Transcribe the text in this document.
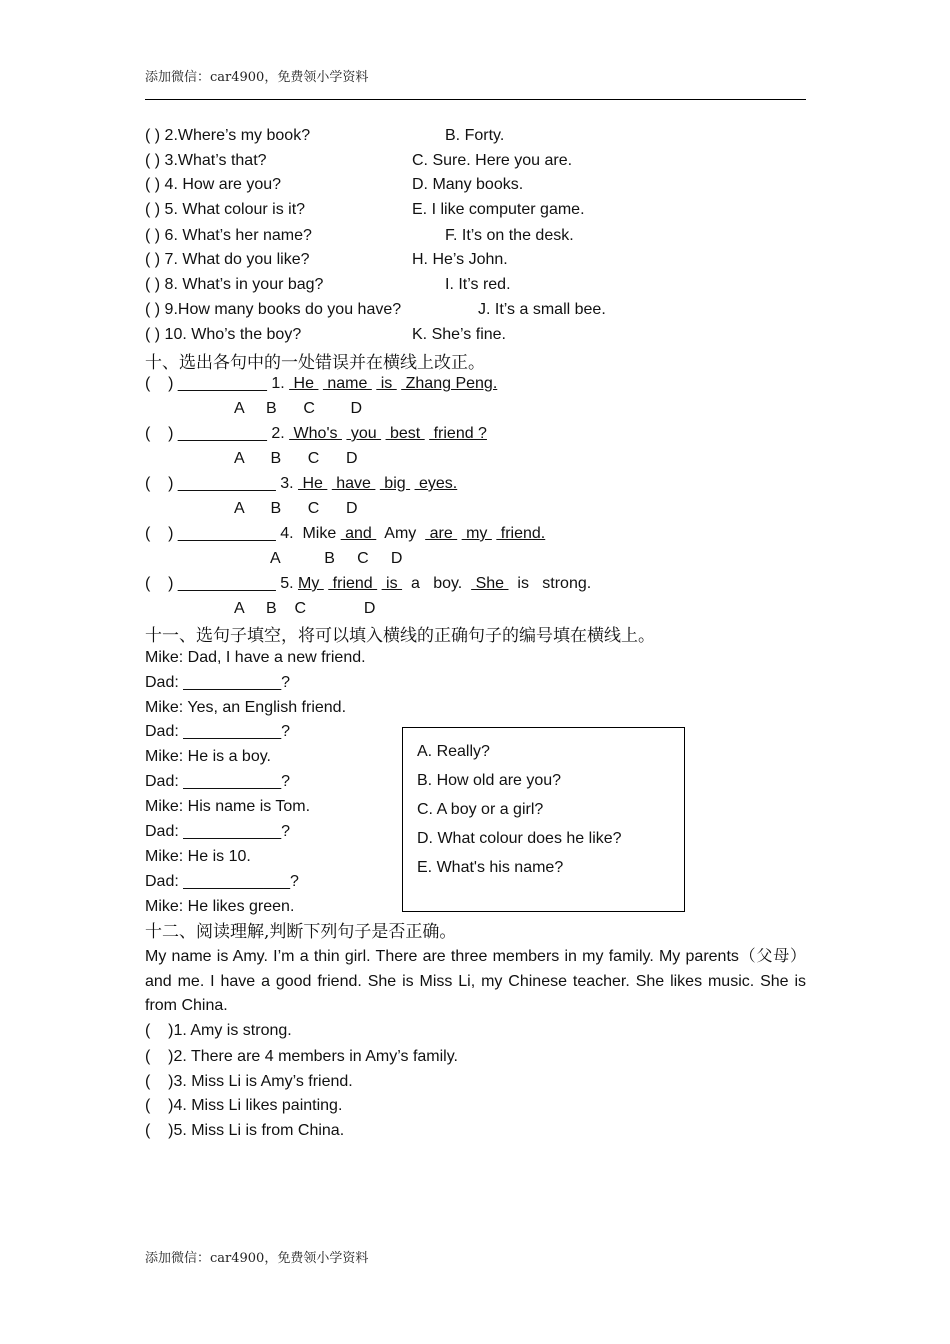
添加微信：car4900，免费领小学资料
( ) 2.Where’s my book?
( ) 3.What’s that?
( ) 4. How are you?
( ) 5. What colour is it?
( ) 6. What’s her name?
( ) 7. What do you like?
( ) 8. What’s in your bag?
( ) 9.How many books do you have?
( ) 10. Who’s the boy?
B. Forty.
C. Sure. Here you are.
D. Many books.
E. I like computer game.
F. It’s on the desk.
H. He’s John.
I. It’s red.
J. It’s a small bee.
K. She’s fine.
十、选出各句中的一处错误并在横线上改正。
(    ) __________ 1.  He   name   is   Zhang Peng.
A     B      C        D
(    ) __________ 2.  Who's   you   best   friend ?
A      B      C      D
(    ) ___________ 3.  He   have   big   eyes.
A      B      C      D
(    ) ___________ 4.  Mike  and   Amy   are   my   friend.
A          B     C     D
(    ) ___________ 5. My   friend   is   a   boy.   She   is   strong.
A     B    C             D
十一、选句子填空，将可以填入横线的正确句子的编号填在横线上。
Mike: Dad, I have a new friend.
Dad: ___________?
Mike: Yes, an English friend.
Dad: ___________?
Mike: He is a boy.
Dad: ___________?
Mike: His name is Tom.
Dad: ___________?
Mike: He is 10.
Dad: ____________?
Mike: He likes green.
A. Really?
B. How old are you?
C. A boy or a girl?
D. What colour does he like?
E. What's his name?
十二、阅读理解,判断下列句子是否正确。
My name is Amy. I’m a thin girl. There are three members in my family. My parents（父母） and me. I have a good friend. She is Miss Li, my Chinese teacher. She likes music. She is from China.
(    )1. Amy is strong.
(    )2. There are 4 members in Amy’s family.
(    )3. Miss Li is Amy’s friend.
(    )4. Miss Li likes painting.
(    )5. Miss Li is from China.
添加微信：car4900，免费领小学资料
